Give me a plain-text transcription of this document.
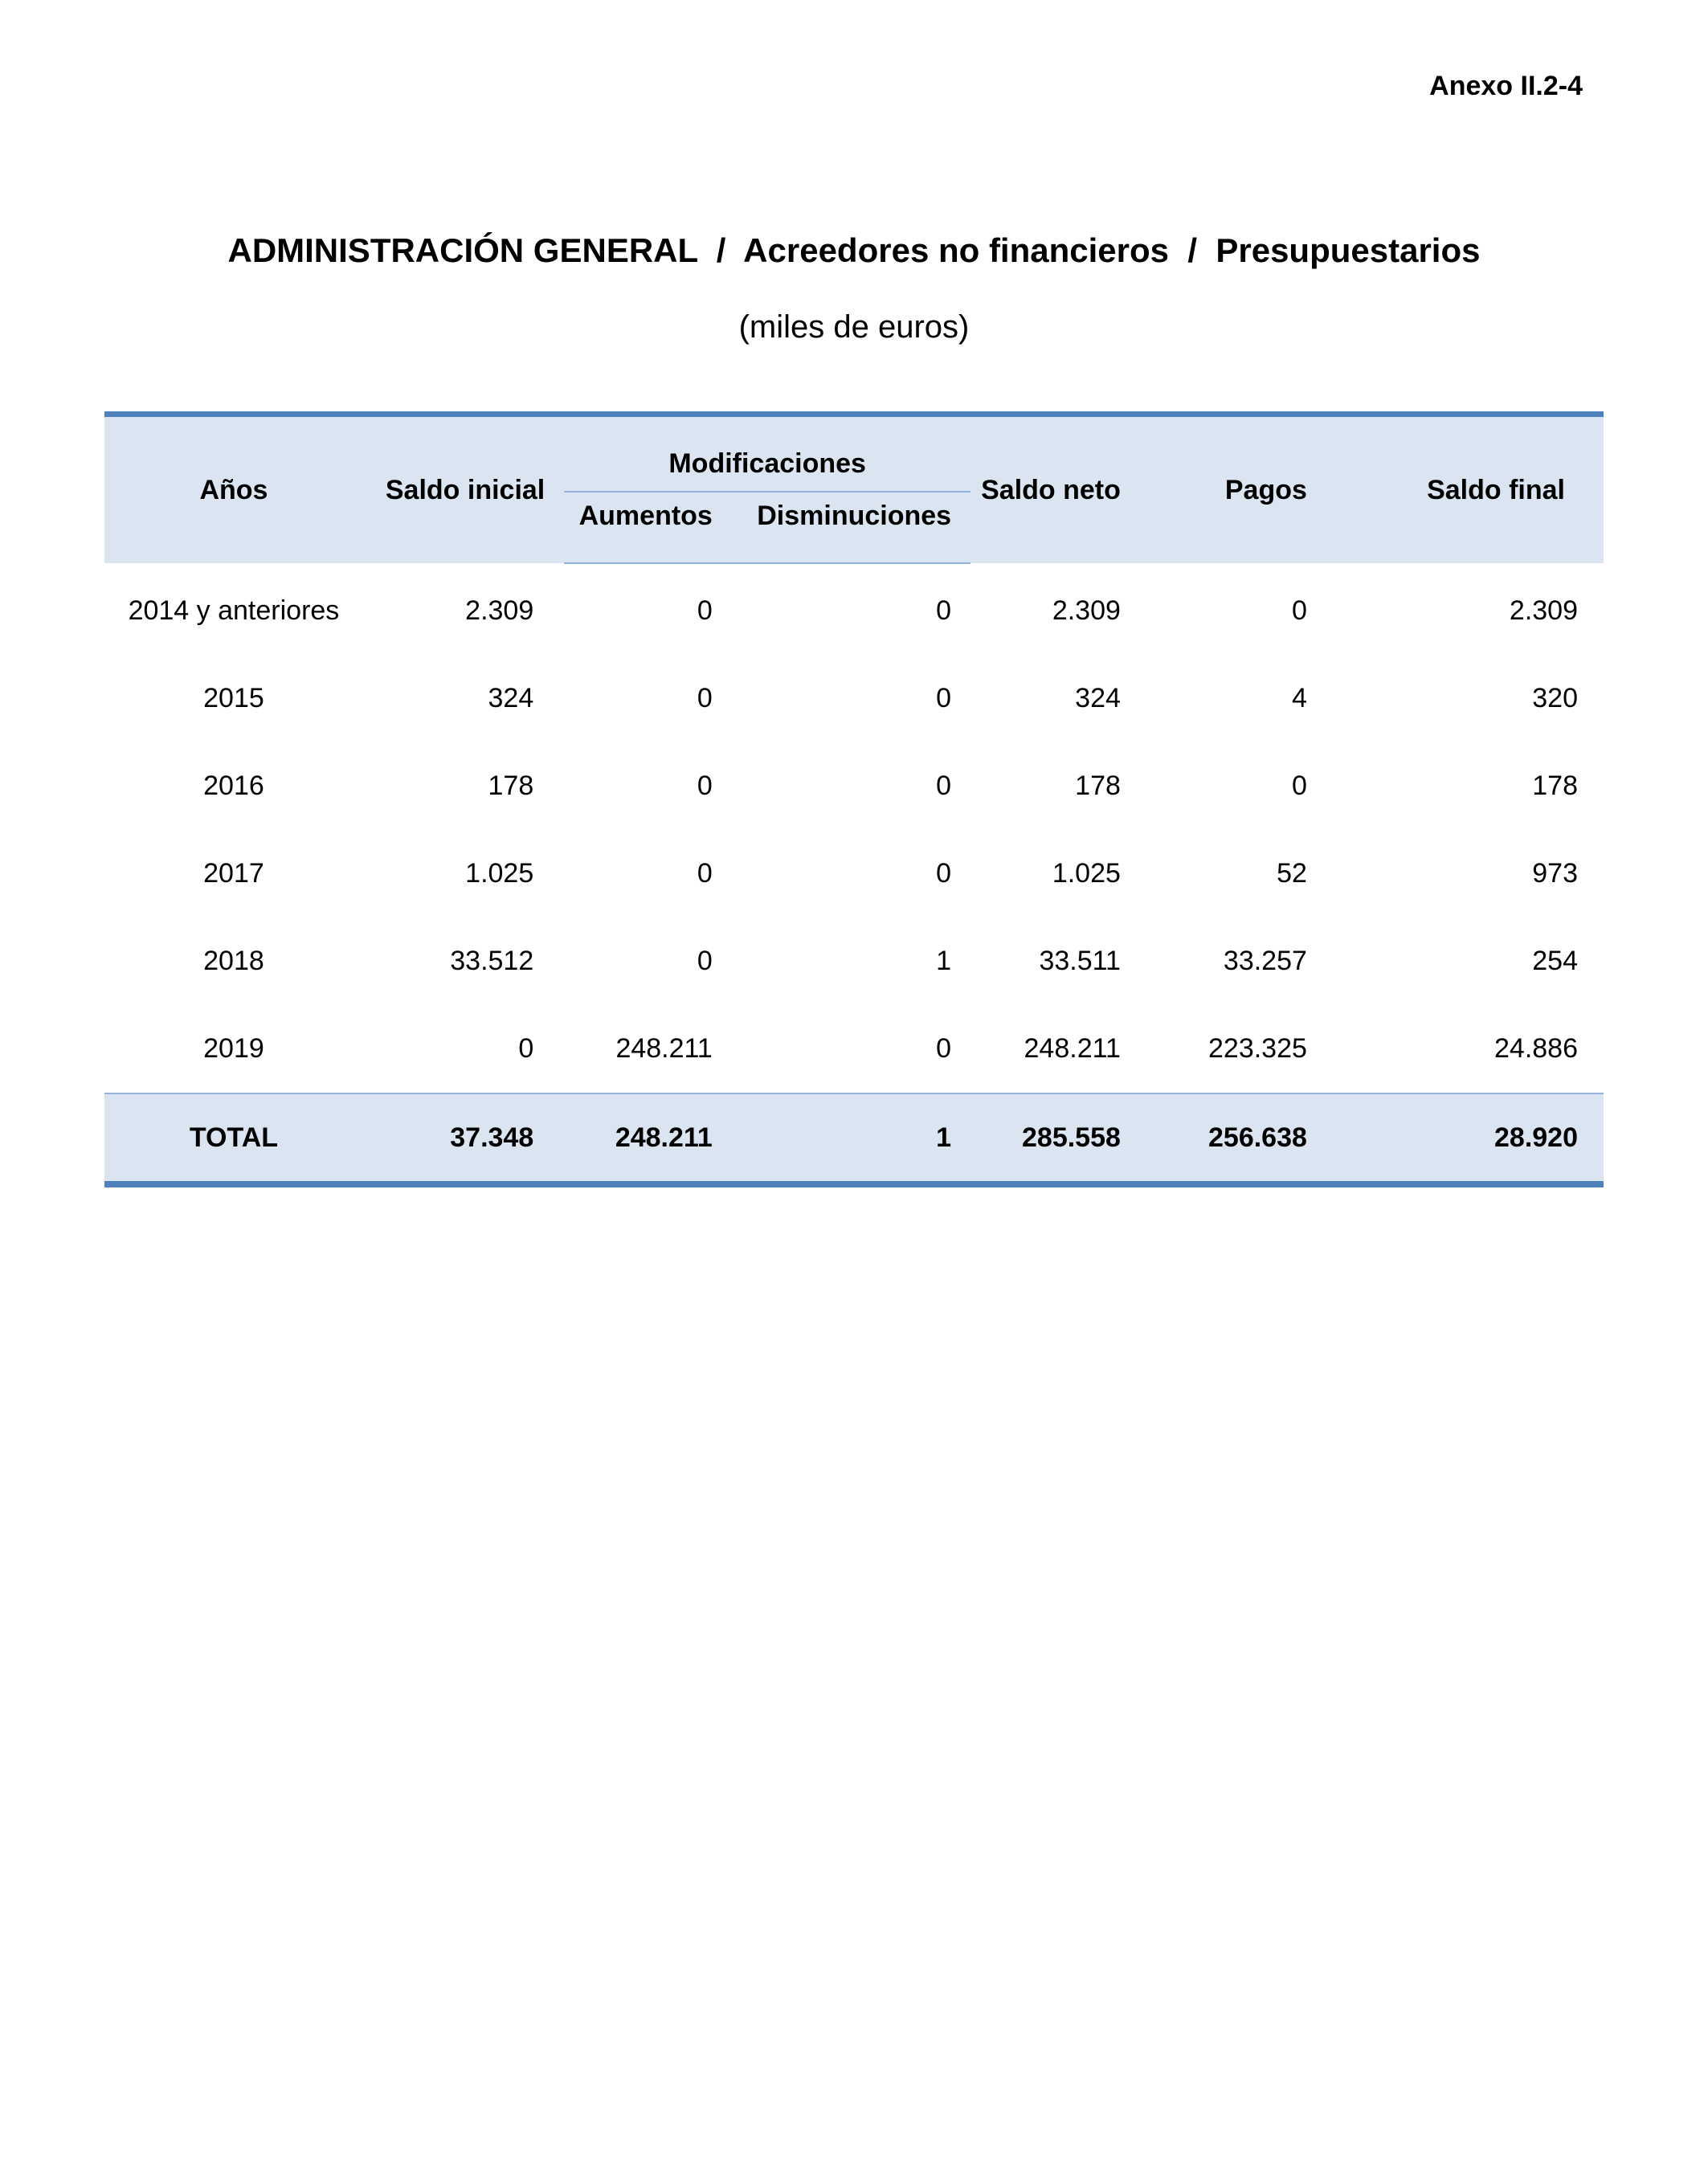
Anexo II.2-4
ADMINISTRACIÓN GENERAL  /  Acreedores no financieros  /  Presupuestarios
(miles de euros)
Años	Saldo inicial	Modificaciones		Saldo neto	Pagos	Saldo final
		Aumentos	Disminuciones			
2014 y anteriores	2.309	0	0	2.309	0	2.309
2015	324	0	0	324	4	320
2016	178	0	0	178	0	178
2017	1.025	0	0	1.025	52	973
2018	33.512	0	1	33.511	33.257	254
2019	0	248.211	0	248.211	223.325	24.886
TOTAL	37.348	248.211	1	285.558	256.638	28.920
